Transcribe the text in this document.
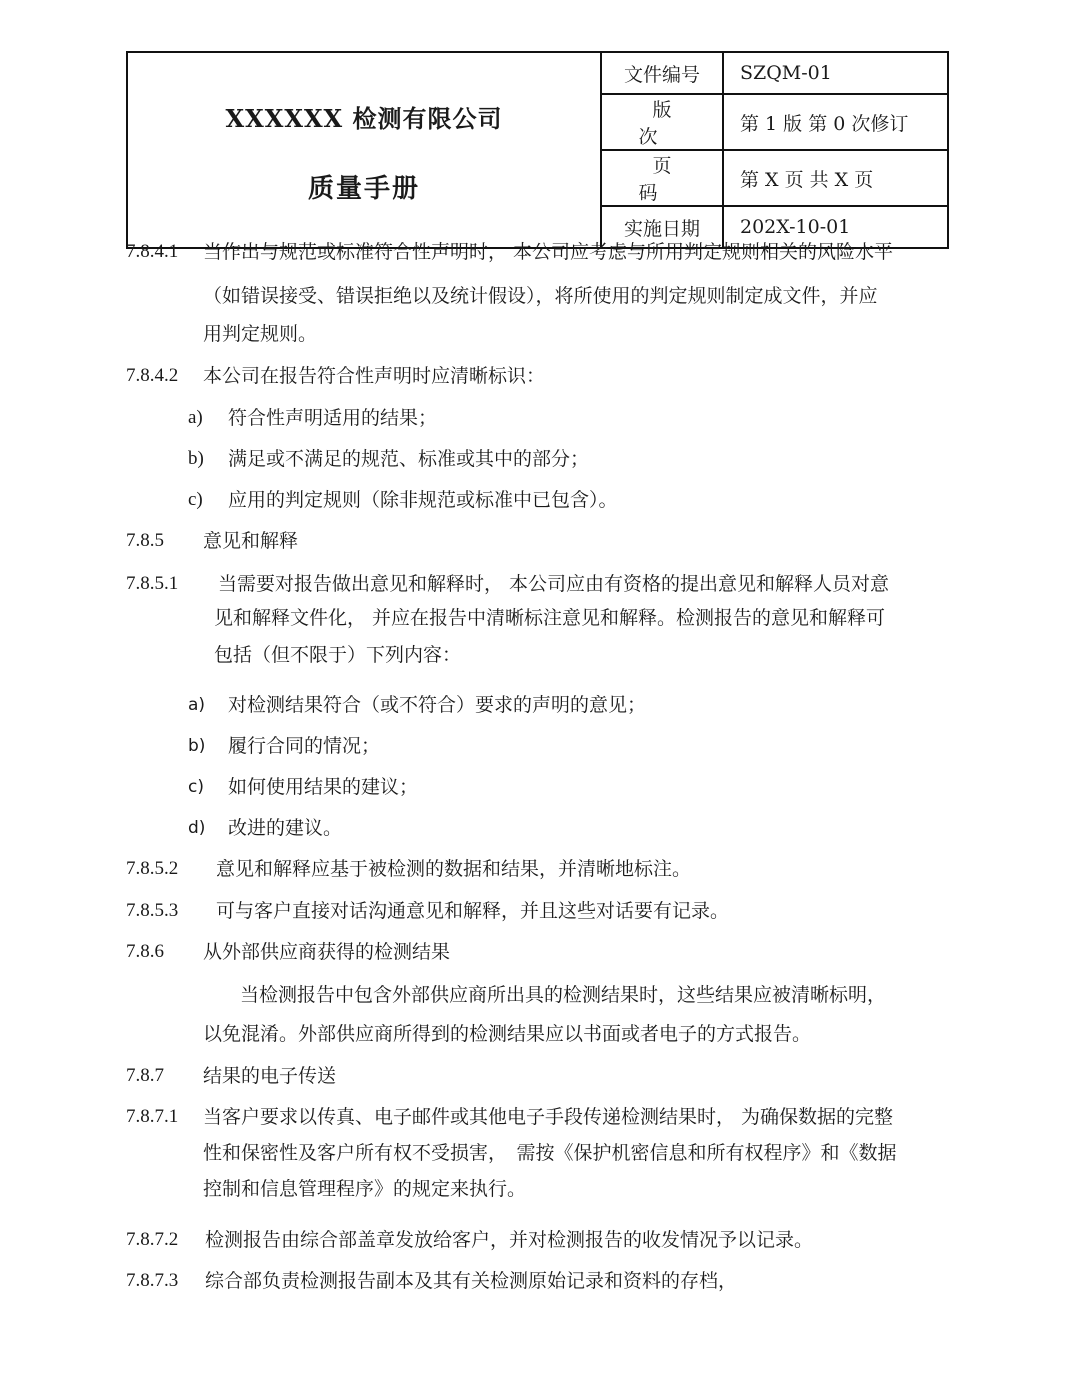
XXXXXX 检测有限公司
质量手册	文件编号	SZQM-01
	版次	第 1 版 第 0 次修订
	页码	第 X 页 共 X 页
	实施日期	202X-10-01
7.8.4.1 当作出与规范或标准符合性声明时， 本公司应考虑与所用判定规则相关的风险水平
（如错误接受、错误拒绝以及统计假设），将所使用的判定规则制定成文件，并应
用判定规则。
7.8.4.2 本公司在报告符合性声明时应清晰标识：
a) 符合性声明适用的结果；
b) 满足或不满足的规范、标准或其中的部分；
c) 应用的判定规则（除非规范或标准中已包含）。
7.8.5 意见和解释
7.8.5.1 当需要对报告做出意见和解释时， 本公司应由有资格的提出意见和解释人员对意
见和解释文件化， 并应在报告中清晰标注意见和解释。检测报告的意见和解释可
包括（但不限于）下列内容：
a) 对检测结果符合（或不符合）要求的声明的意见；
b) 履行合同的情况；
c) 如何使用结果的建议；
d) 改进的建议。
7.8.5.2 意见和解释应基于被检测的数据和结果，并清晰地标注。
7.8.5.3 可与客户直接对话沟通意见和解释，并且这些对话要有记录。
7.8.6 从外部供应商获得的检测结果
当检测报告中包含外部供应商所出具的检测结果时，这些结果应被清晰标明，
以免混淆。外部供应商所得到的检测结果应以书面或者电子的方式报告。
7.8.7 结果的电子传送
7.8.7.1 当客户要求以传真、电子邮件或其他电子手段传递检测结果时， 为确保数据的完整
性和保密性及客户所有权不受损害，　需按《保护机密信息和所有权程序》和《数据
控制和信息管理程序》的规定来执行。
7.8.7.2 检测报告由综合部盖章发放给客户，并对检测报告的收发情况予以记录。
7.8.7.3 综合部负责检测报告副本及其有关检测原始记录和资料的存档，
